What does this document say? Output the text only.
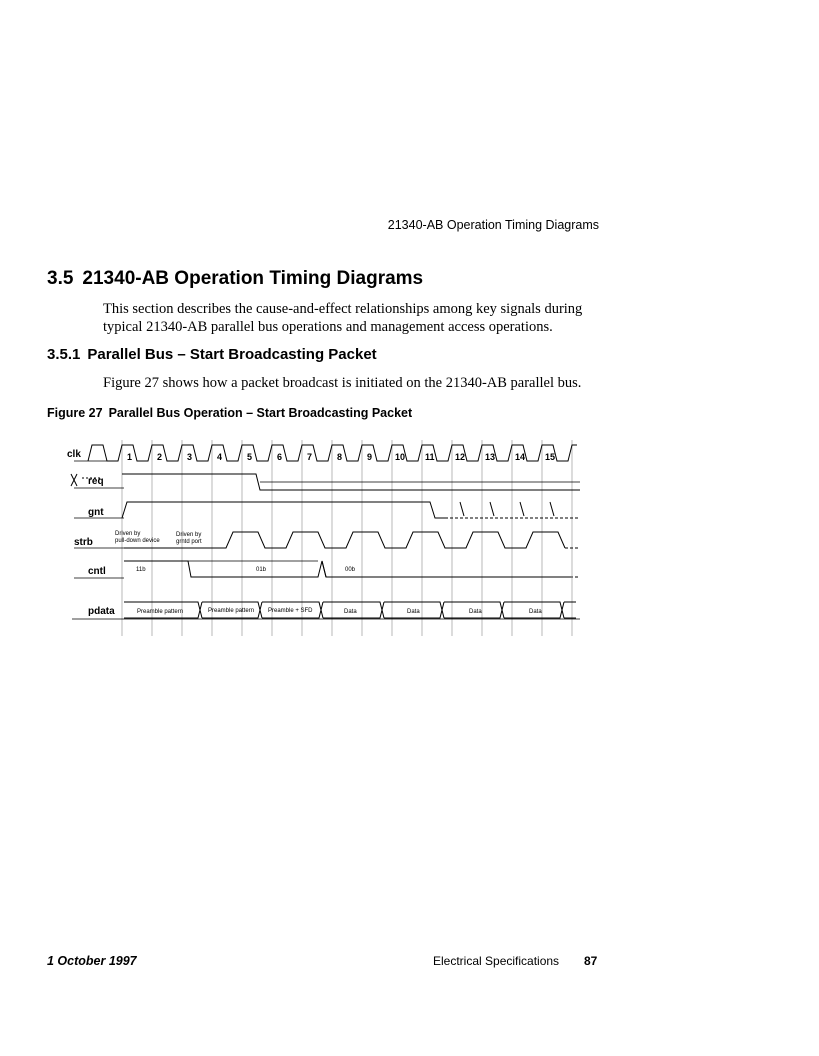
21340-AB Operation Timing Diagrams
3.5 21340-AB Operation Timing Diagrams
This section describes the cause-and-effect relationships among key signals during typical 21340-AB parallel bus operations and management access operations.
3.5.1 Parallel Bus – Start Broadcasting Packet
Figure 27 shows how a packet broadcast is initiated on the 21340-AB parallel bus.
Figure 27 Parallel Bus Operation – Start Broadcasting Packet
clk
req
gnt
strb
cntl
pdata
1	2	3	4	5	6	7	8	9	10 11 12 13 14 15
Driven by
pull-down device
Driven by
grntd port
11b	01b	00b
Preamble pattern	Preamble pattern Preamble + SFD	Data	Data	Data	Data
1 October 1997	Electrical Specifications 87
